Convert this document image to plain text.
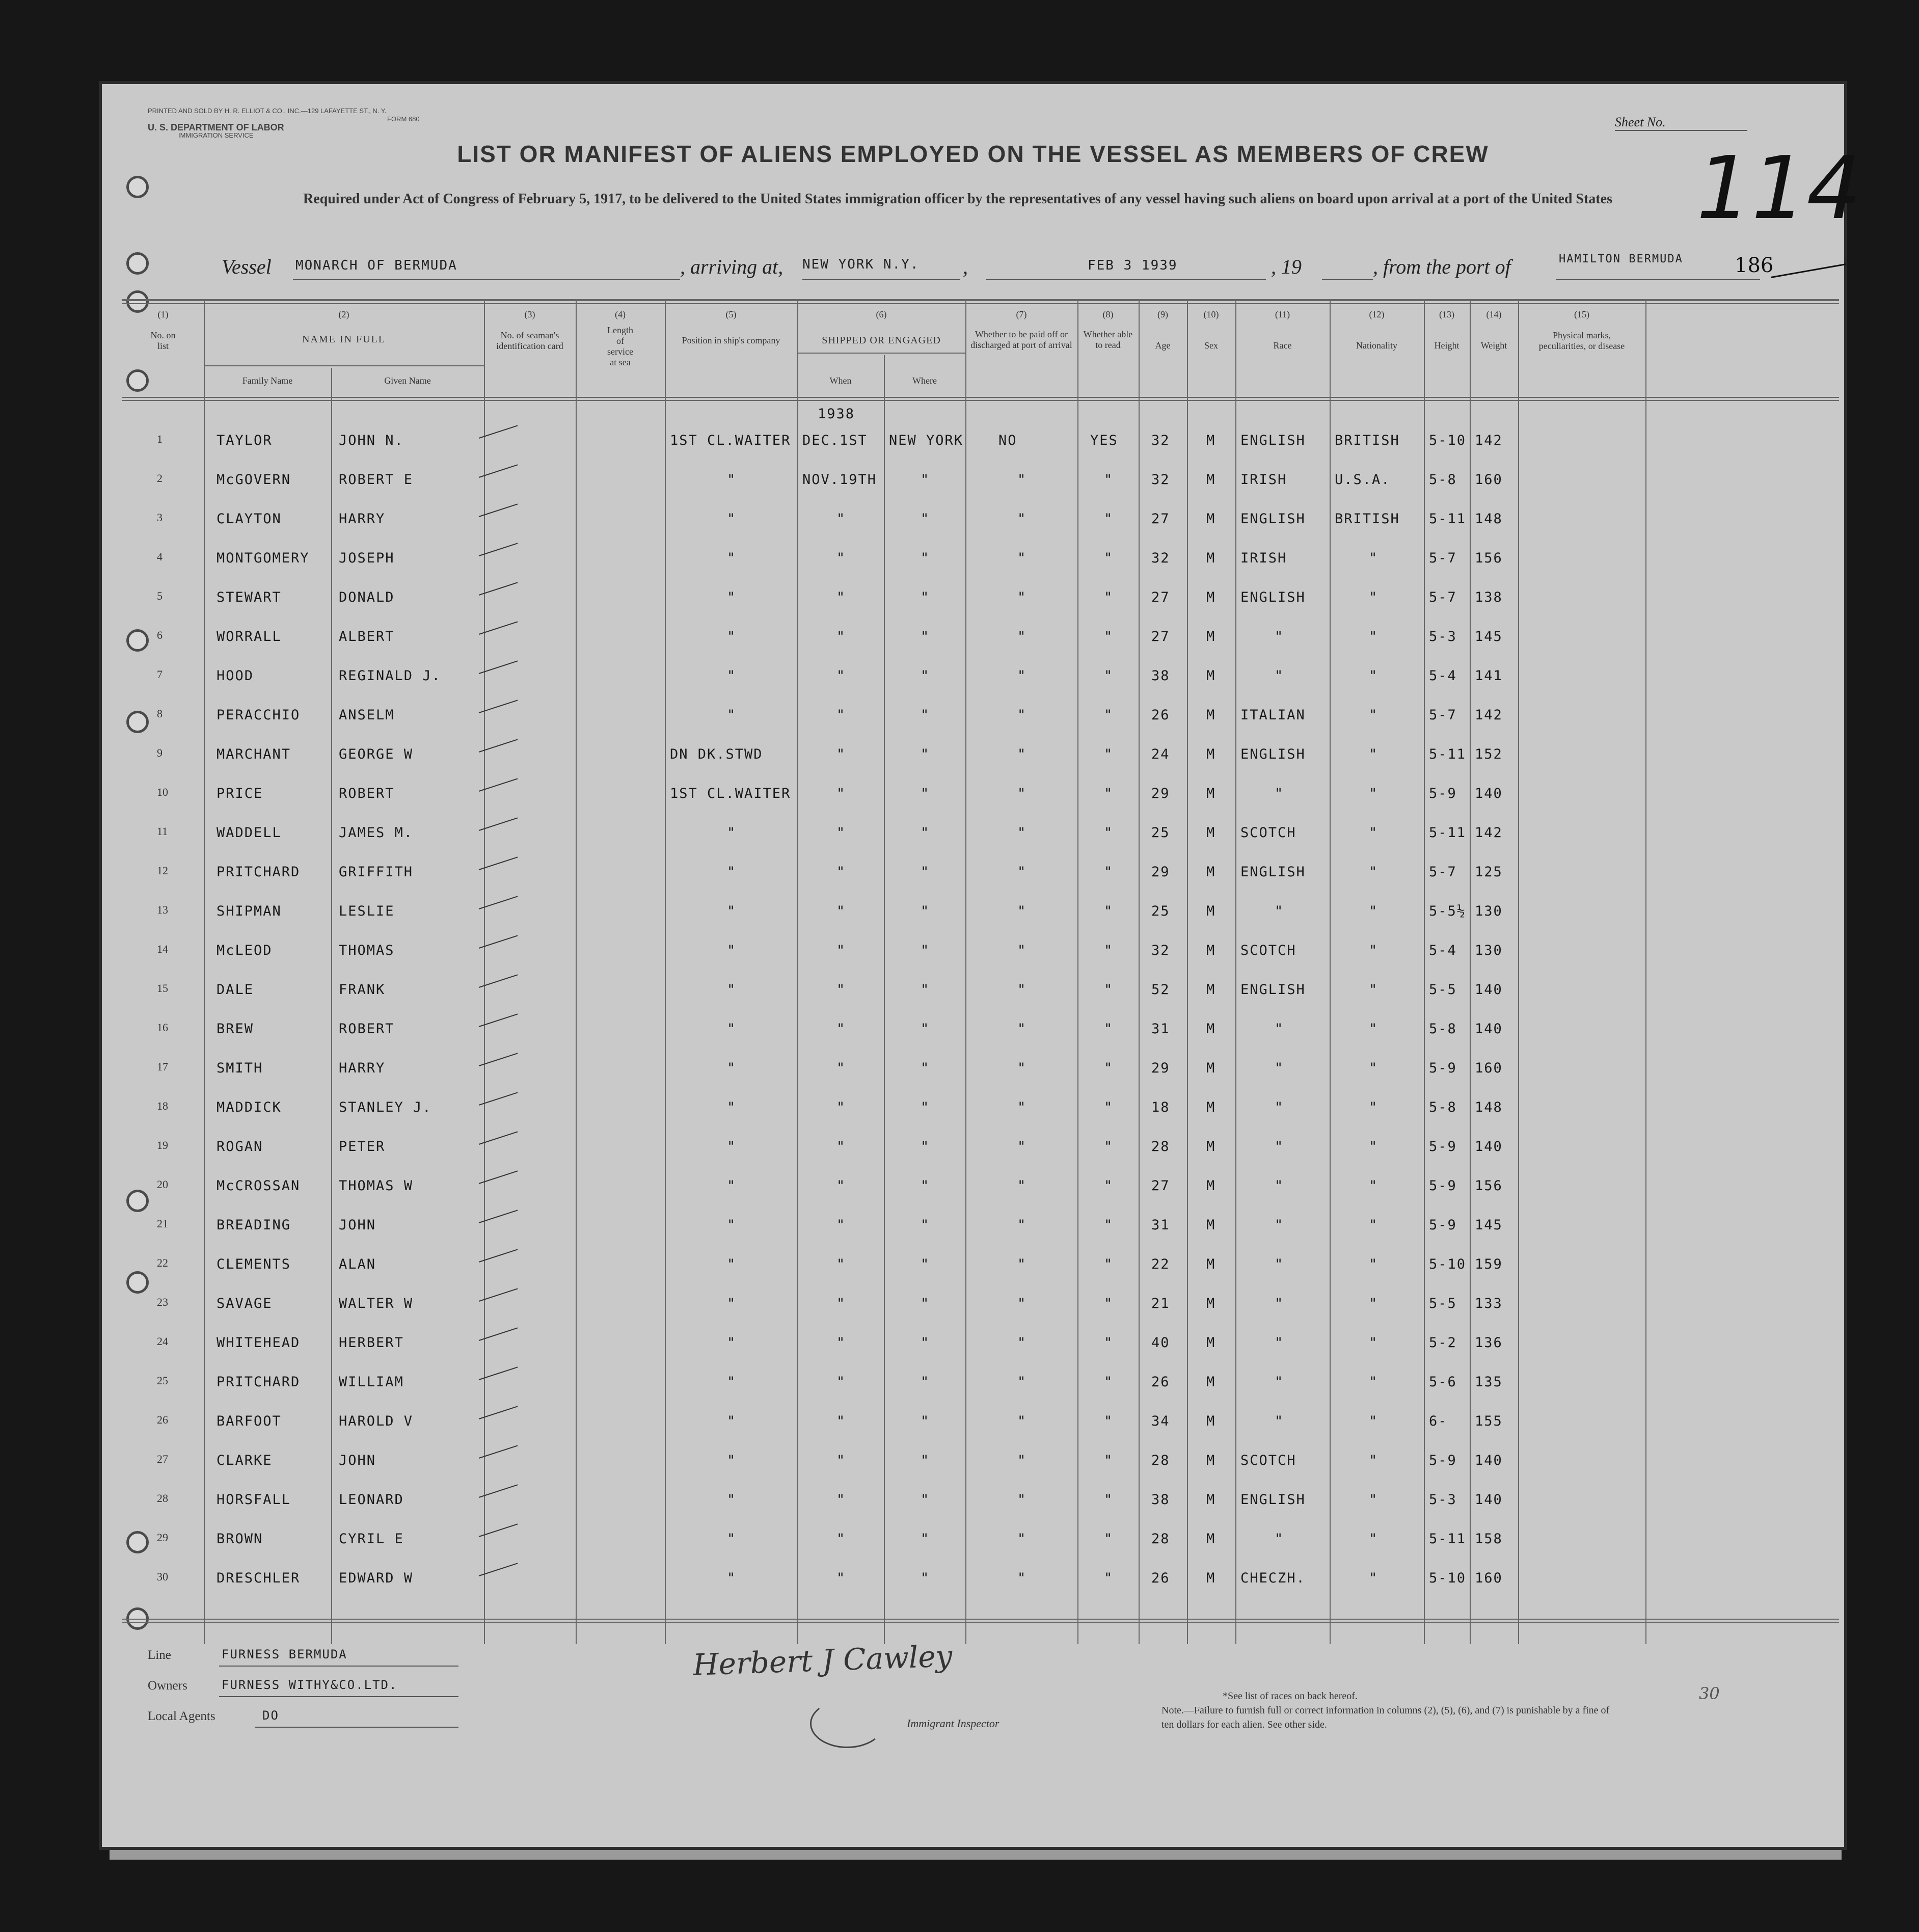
PRINTED AND SOLD BY H. R. ELLIOT & CO., INC.—129 LAFAYETTE ST., N. Y.
FORM 680
U. S. DEPARTMENT OF LABOR
IMMIGRATION SERVICE
Sheet No.
114
LIST OR MANIFEST OF ALIENS EMPLOYED ON THE VESSEL AS MEMBERS OF CREW
Required under Act of Congress of February 5, 1917, to be delivered to the United States immigration officer by the representatives of any vessel having such aliens on board upon arrival at a port of the United States
Vessel MONARCH OF BERMUDA	, arriving at, NEW YORK N.Y. ,	FEB 3 1939	, 19	, from the port of	HAMILTON BERMUDA	186
(1)
No. on list
(2)
NAME IN FULL
Family Name	Given Name
(3)
No. of seaman's identification card
(4)
Length of service at sea
(5)
Position in ship's company
(6)
SHIPPED OR ENGAGED
When	Where
(7)
Whether to be paid off or discharged at port of arrival
(8)
Whether able to read
(9)
Age
(10)
Sex
(11)
Race
(12)
Nationality
(13)
Height
(14)
Weight
(15)
Physical marks, peculiarities, or disease
1938
1	TAYLOR	JOHN N.	1ST CL.WAITER DEC.1ST NEW YORK	NO	YES 32	M ENGLISH BRITISH 5-10 142
2	McGOVERN	ROBERT E	"	NOV.19TH	"	"	"	32	M IRISH	U.S.A.	5-8 160
3	CLAYTON	HARRY	"	"	"	"	"	27	M ENGLISH BRITISH 5-11 148
4	MONTGOMERY JOSEPH	"	"	"	"	"	32	M IRISH	"	5-7 156
5	STEWART	DONALD	"	"	"	"	"	27	M ENGLISH	"	5-7 138
6	WORRALL	ALBERT	"	"	"	"	"	27	M	"	"	5-3 145
7	HOOD	REGINALD J.	"	"	"	"	"	38	M	"	"	5-4 141
8	PERACCHIO	ANSELM	"	"	"	"	"	26	M ITALIAN	"	5-7 142
9	MARCHANT	GEORGE W	DN DK.STWD	"	"	"	"	24	M ENGLISH	"	5-11 152
10	PRICE	ROBERT	1ST CL.WAITER	"	"	"	"	29	M	"	"	5-9 140
11	WADDELL	JAMES M.	"	"	"	"	"	25	M SCOTCH	"	5-11 142
12	PRITCHARD	GRIFFITH	"	"	"	"	"	29	M ENGLISH	"	5-7 125
13	SHIPMAN	LESLIE	"	"	"	"	"	25	M	"	"	5-5½ 130
14	McLEOD	THOMAS	"	"	"	"	"	32	M SCOTCH	"	5-4 130
15	DALE	FRANK	"	"	"	"	"	52	M ENGLISH	"	5-5 140
16	BREW	ROBERT	"	"	"	"	"	31	M	"	"	5-8 140
17	SMITH	HARRY	"	"	"	"	"	29	M	"	"	5-9 160
18	MADDICK	STANLEY J.	"	"	"	"	"	18	M	"	"	5-8 148
19	ROGAN	PETER	"	"	"	"	"	28	M	"	"	5-9 140
20	McCROSSAN	THOMAS W	"	"	"	"	"	27	M	"	"	5-9 156
21	BREADING	JOHN	"	"	"	"	"	31	M	"	"	5-9 145
22	CLEMENTS	ALAN	"	"	"	"	"	22	M	"	"	5-10 159
23	SAVAGE	WALTER W	"	"	"	"	"	21	M	"	"	5-5 133
24	WHITEHEAD	HERBERT	"	"	"	"	"	40	M	"	"	5-2 136
25	PRITCHARD	WILLIAM	"	"	"	"	"	26	M	"	"	5-6 135
26	BARFOOT	HAROLD V	"	"	"	"	"	34	M	"	"	6- 155
27	CLARKE	JOHN	"	"	"	"	"	28	M SCOTCH	"	5-9 140
28	HORSFALL	LEONARD	"	"	"	"	"	38	M ENGLISH	"	5-3 140
29	BROWN	CYRIL E	"	"	"	"	"	28	M	"	"	5-11 158
30	DRESCHLER	EDWARD W	"	"	"	"	"	26	M CHECZH.	"	5-10 160
Line	FURNESS BERMUDA
Owners	FURNESS WITHY&CO.LTD.
Local Agents	DO
Herbert J Cawley
Immigrant Inspector
*See list of races on back hereof.
Note.—Failure to furnish full or correct information in columns (2), (5), (6), and (7) is punishable by a fine of ten dollars for each alien. See other side.
30
